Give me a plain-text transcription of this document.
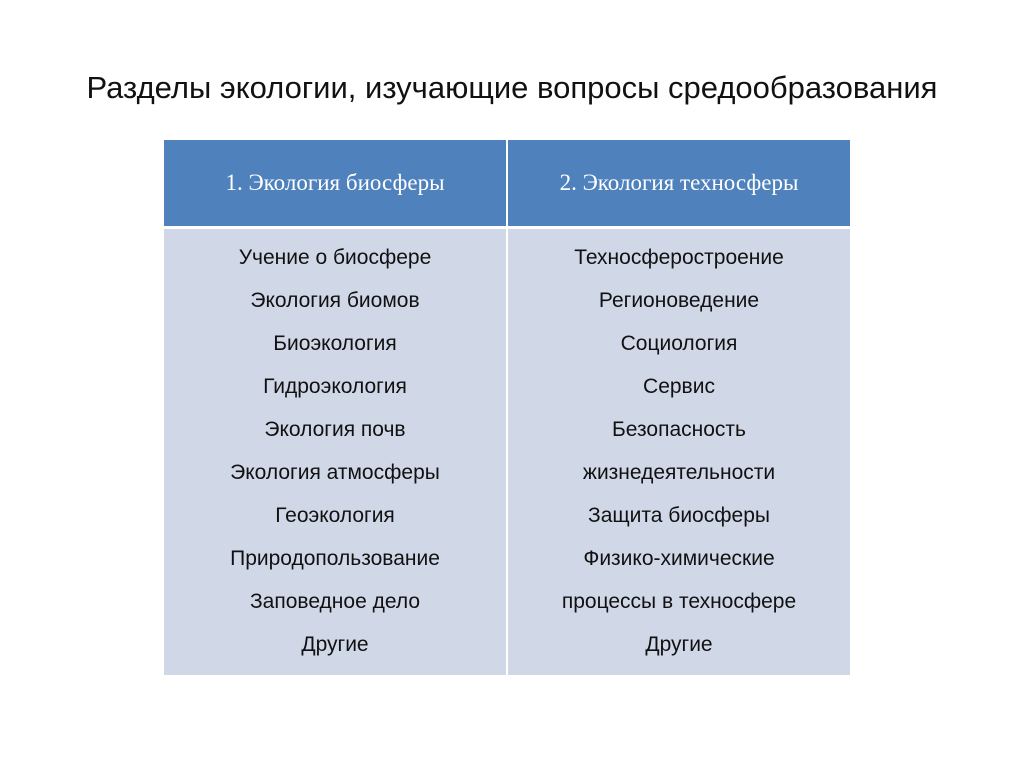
Разделы экологии, изучающие вопросы средообразования
1. Экология биосферы	2. Экология техносферы
Учение о биосфере
Экология биомов
Биоэкология
Гидроэкология
Экология почв
Экология атмосферы
Геоэкология
Природопользование
Заповедное дело
Другие
Техносферостроение
Регионоведение
Социология
Сервис
Безопасность
жизнедеятельности
Защита биосферы
Физико-химические
процессы в техносфере
Другие
